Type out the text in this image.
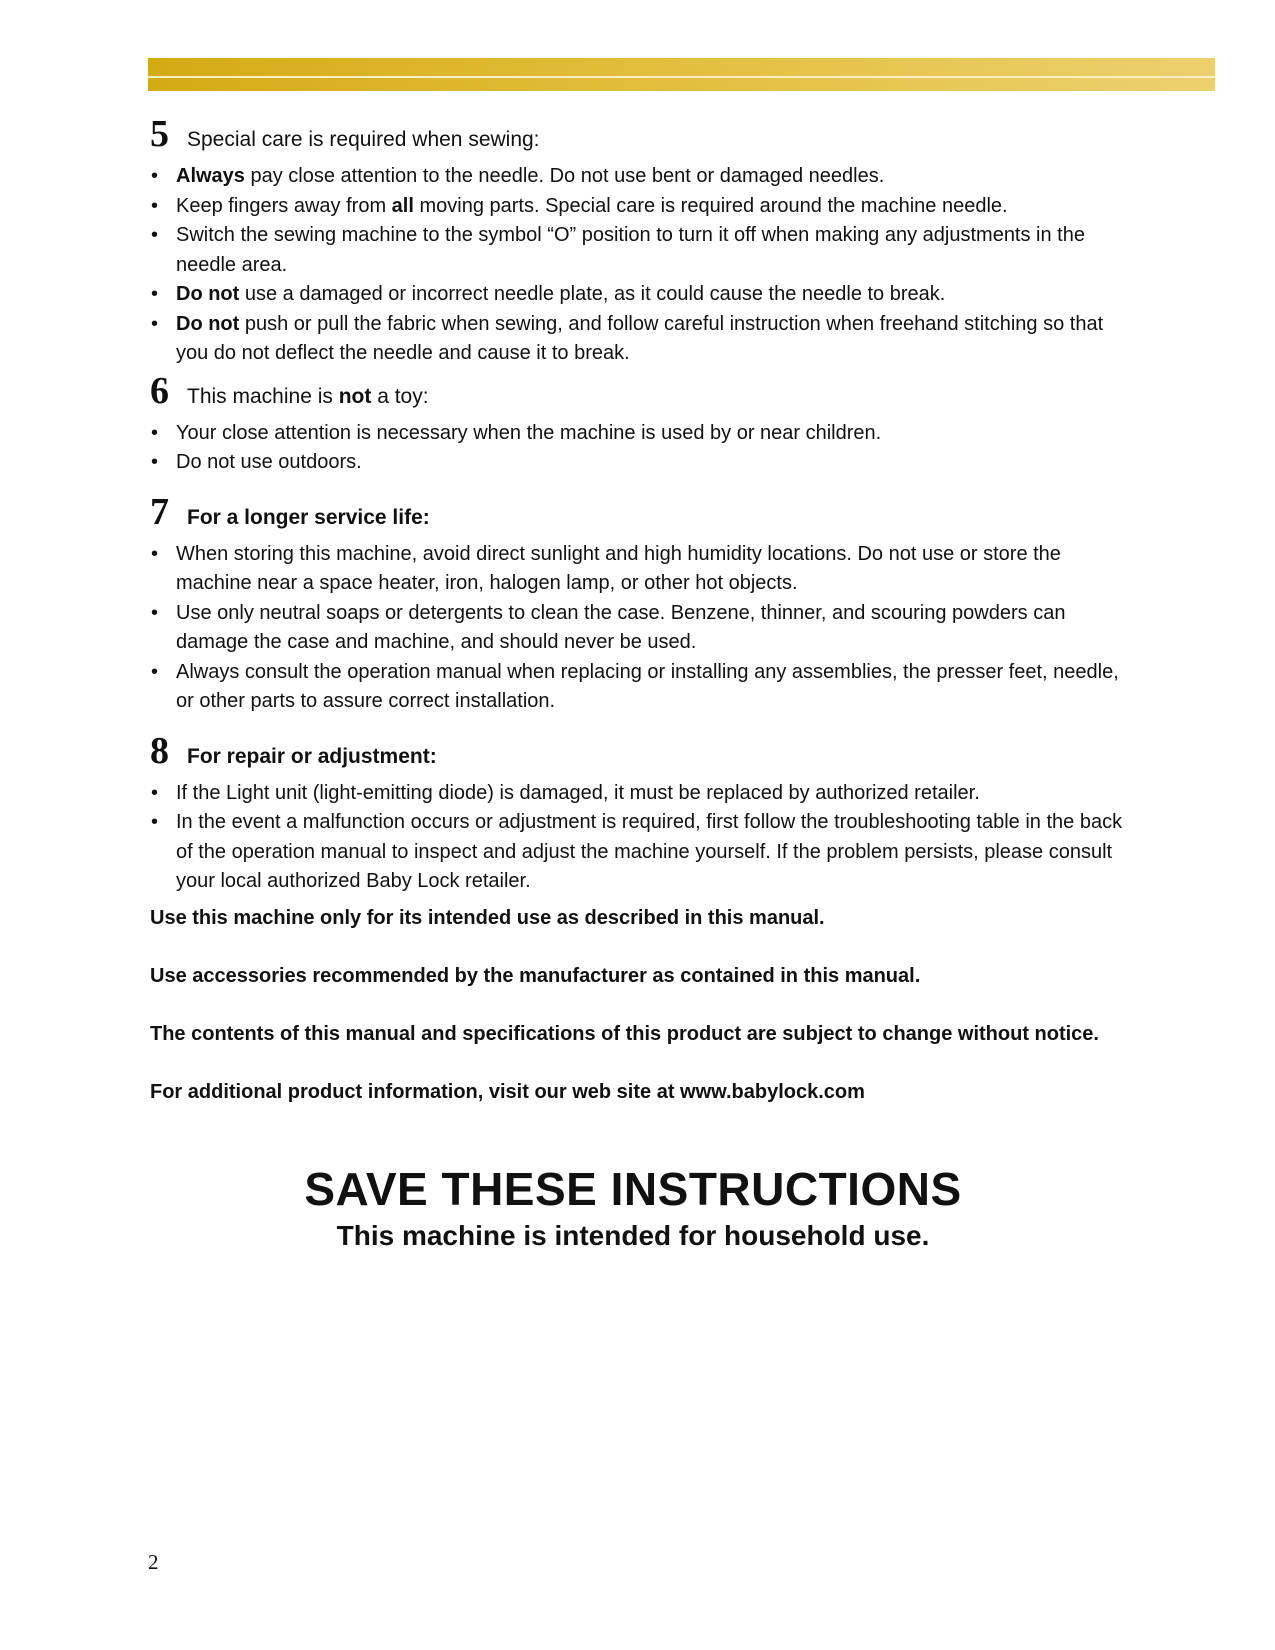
5 Special care is required when sewing:
• Always pay close attention to the needle. Do not use bent or damaged needles.
• Keep fingers away from all moving parts. Special care is required around the machine needle.
• Switch the sewing machine to the symbol “O” position to turn it off when making any adjustments in the needle area.
• Do not use a damaged or incorrect needle plate, as it could cause the needle to break.
• Do not push or pull the fabric when sewing, and follow careful instruction when freehand stitching so that you do not deflect the needle and cause it to break.
6 This machine is not a toy:
• Your close attention is necessary when the machine is used by or near children.
• Do not use outdoors.
7 For a longer service life:
• When storing this machine, avoid direct sunlight and high humidity locations. Do not use or store the machine near a space heater, iron, halogen lamp, or other hot objects.
• Use only neutral soaps or detergents to clean the case. Benzene, thinner, and scouring powders can damage the case and machine, and should never be used.
• Always consult the operation manual when replacing or installing any assemblies, the presser feet, needle, or other parts to assure correct installation.
8 For repair or adjustment:
• If the Light unit (light-emitting diode) is damaged, it must be replaced by authorized retailer.
• In the event a malfunction occurs or adjustment is required, first follow the troubleshooting table in the back of the operation manual to inspect and adjust the machine yourself. If the problem persists, please consult your local authorized Baby Lock retailer.
Use this machine only for its intended use as described in this manual.
Use accessories recommended by the manufacturer as contained in this manual.
The contents of this manual and specifications of this product are subject to change without notice.
For additional product information, visit our web site at www.babylock.com
SAVE THESE INSTRUCTIONS
This machine is intended for household use.
2
